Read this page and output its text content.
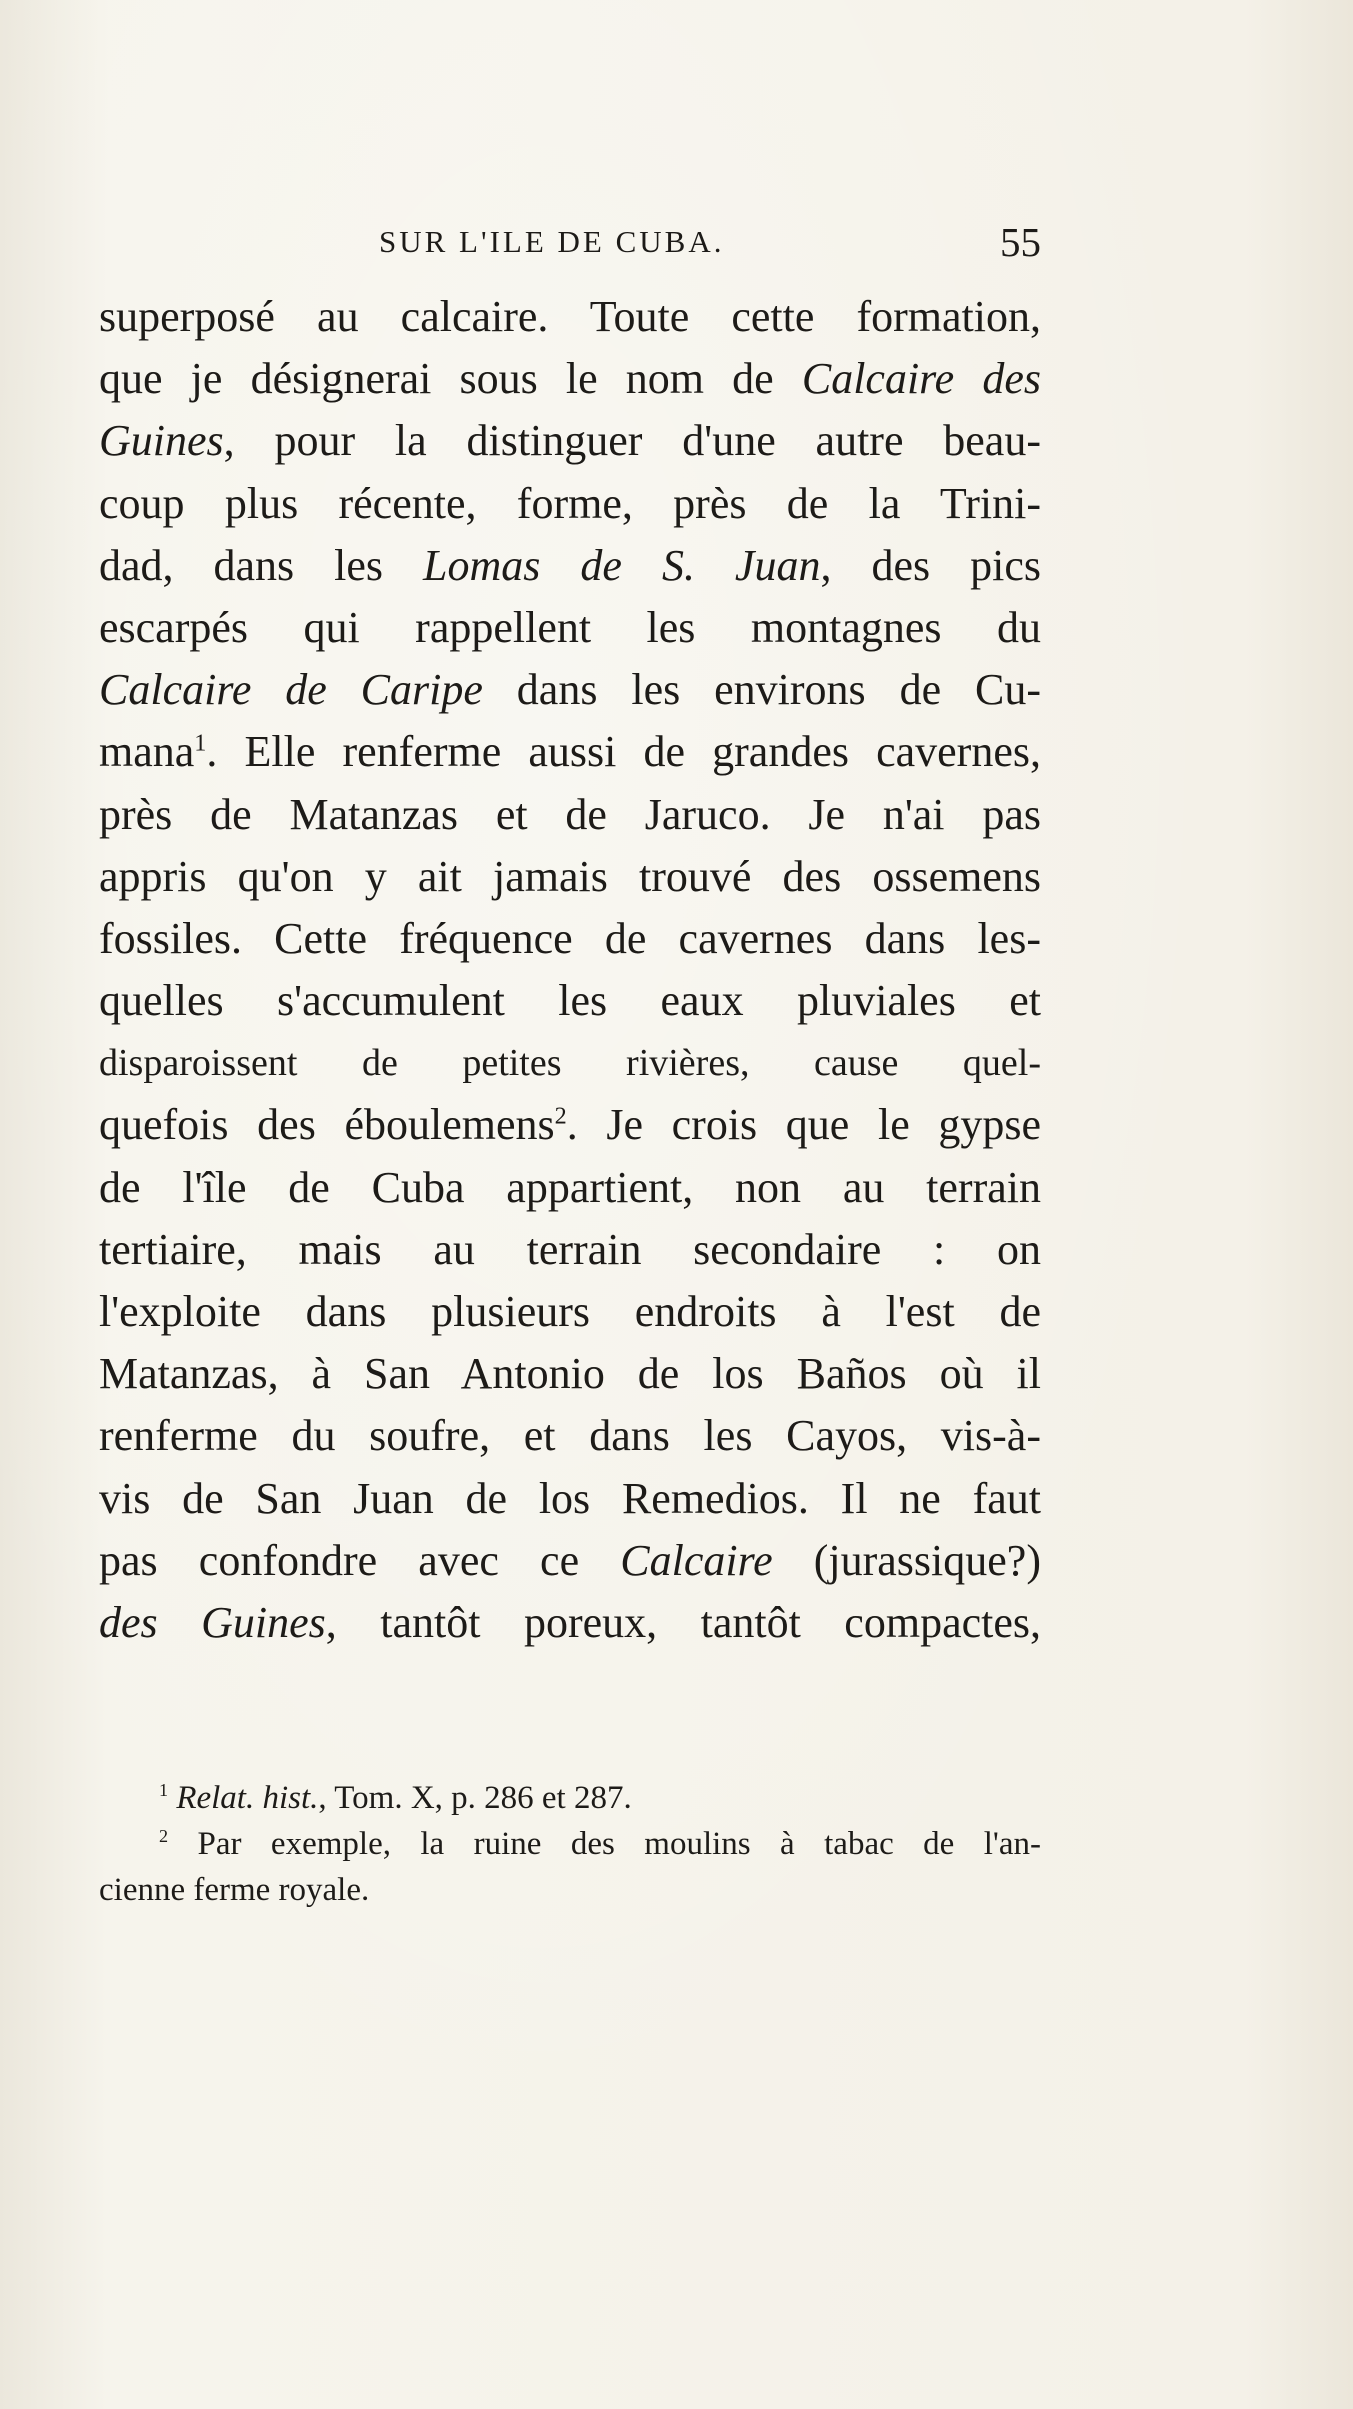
SUR L'ILE DE CUBA.	55
superposé au calcaire. Toute cette formation,
que je désignerai sous le nom de Calcaire des
Guines, pour la distinguer d'une autre beau-
coup plus récente, forme, près de la Trini-
dad, dans les Lomas de S. Juan, des pics
escarpés qui rappellent les montagnes du
Calcaire de Caripe dans les environs de Cu-
mana$^1$. Elle renferme aussi de grandes cavernes,
près de Matanzas et de Jaruco. Je n'ai pas
appris qu'on y ait jamais trouvé des ossemens
fossiles. Cette fréquence de cavernes dans les-
quelles s'accumulent les eaux pluviales et
disparoissent de petites rivières, cause quel-
quefois des éboulemens$^2$. Je crois que le gypse
de l'île de Cuba appartient, non au terrain
tertiaire, mais au terrain secondaire : on
l'exploite dans plusieurs endroits à l'est de
Matanzas, à San Antonio de los Baños où il
renferme du soufre, et dans les Cayos, vis-à-
vis de San Juan de los Remedios. Il ne faut
pas confondre avec ce Calcaire (jurassique?)
des Guines, tantôt poreux, tantôt compactes,
$^1$ Relat. hist., Tom. X, p. 286 et 287.
$^2$ Par exemple, la ruine des moulins à tabac de l'an-
cienne ferme royale.
